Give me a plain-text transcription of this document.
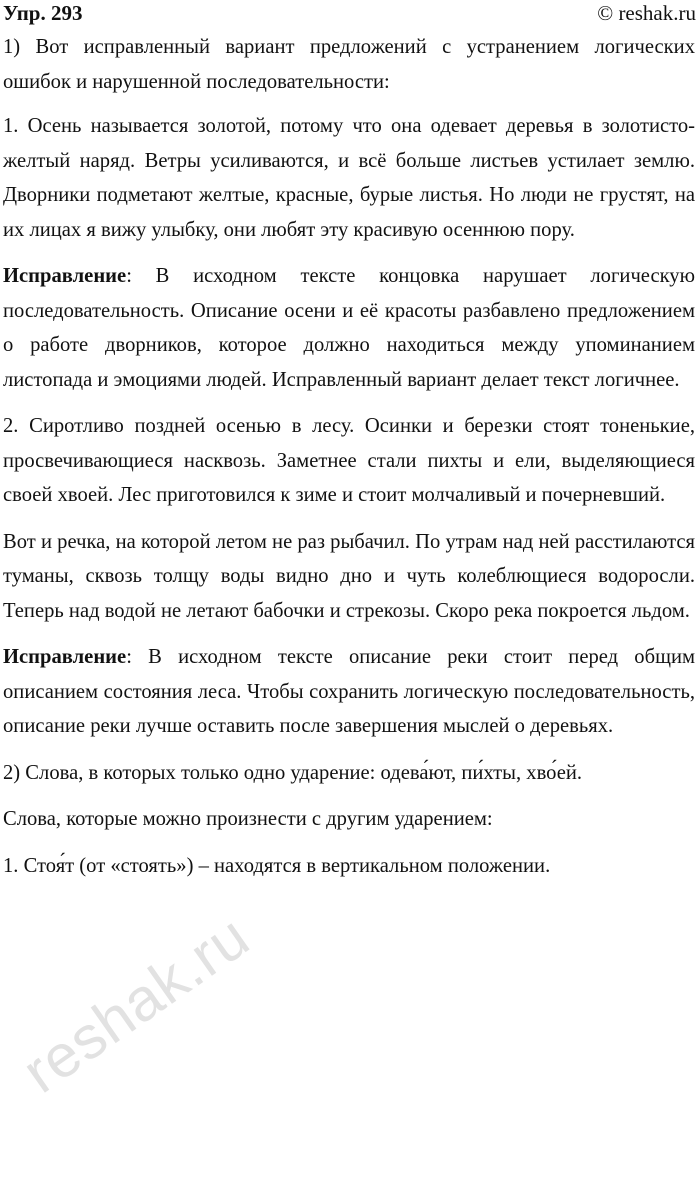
Упр. 293	© reshak.ru

1) Вот исправленный вариант предложений с устранением логических ошибок и нарушенной последовательности:

1. Осень называется золотой, потому что она одевает деревья в золотисто-желтый наряд. Ветры усиливаются, и всё больше листьев устилает землю. Дворники подметают желтые, красные, бурые листья. Но люди не грустят, на их лицах я вижу улыбку, они любят эту красивую осеннюю пору.

Исправление: В исходном тексте концовка нарушает логическую последовательность. Описание осени и её красоты разбавлено предложением о работе дворников, которое должно находиться между упоминанием листопада и эмоциями людей. Исправленный вариант делает текст логичнее.

2. Сиротливо поздней осенью в лесу. Осинки и березки стоят тоненькие, просвечивающиеся насквозь. Заметнее стали пихты и ели, выделяющиеся своей хвоей. Лес приготовился к зиме и стоит молчаливый и почерневший.

Вот и речка, на которой летом не раз рыбачил. По утрам над ней расстилаются туманы, сквозь толщу воды видно дно и чуть колеблющиеся водоросли. Теперь над водой не летают бабочки и стрекозы. Скоро река покроется льдом.

Исправление: В исходном тексте описание реки стоит перед общим описанием состояния леса. Чтобы сохранить логическую последовательность, описание реки лучше оставить после завершения мыслей о деревьях.

2) Слова, в которых только одно ударение: одева́ют, пи́хты, хво́ей.

Слова, которые можно произнести с другим ударением:

1. Стоя́т (от «стоять») – находятся в вертикальном положении.

reshak.ru
